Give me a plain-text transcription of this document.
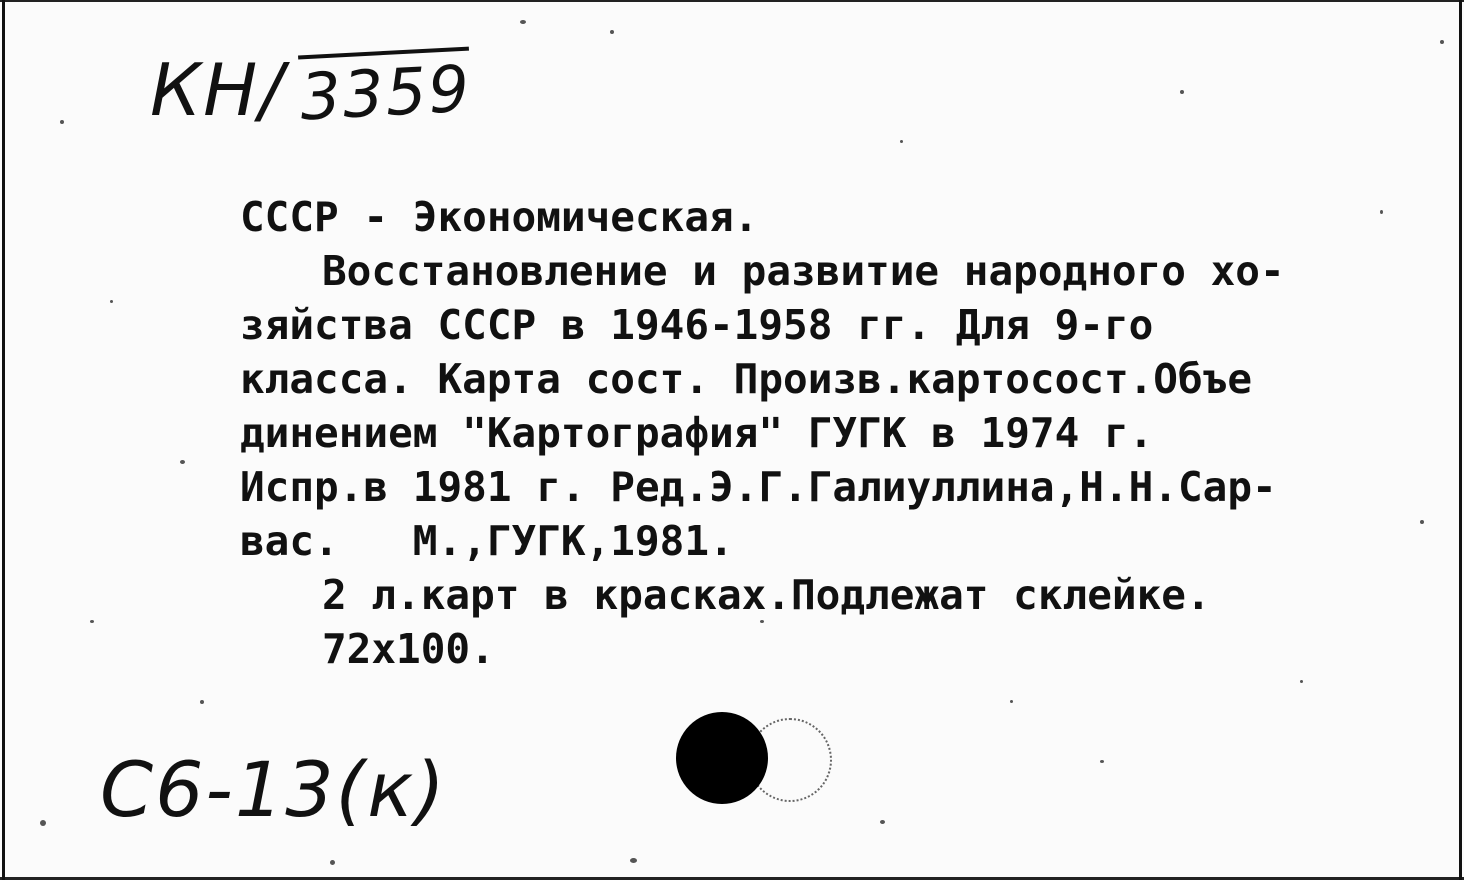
КН/ 3359
СССР - Экономическая.
Восстановление и развитие народного хо-
зяйства СССР в 1946-1958 гг. Для 9-го
класса. Карта сост. Произв.картосост.Объе
динением "Картография" ГУГК в 1974 г.
Испр.в 1981 г. Ред.Э.Г.Галиуллина,Н.Н.Сар-
вас.   М.,ГУГК,1981.
2 л.карт в красках.Подлежат склейке.
72х100.
С6-13(к)
